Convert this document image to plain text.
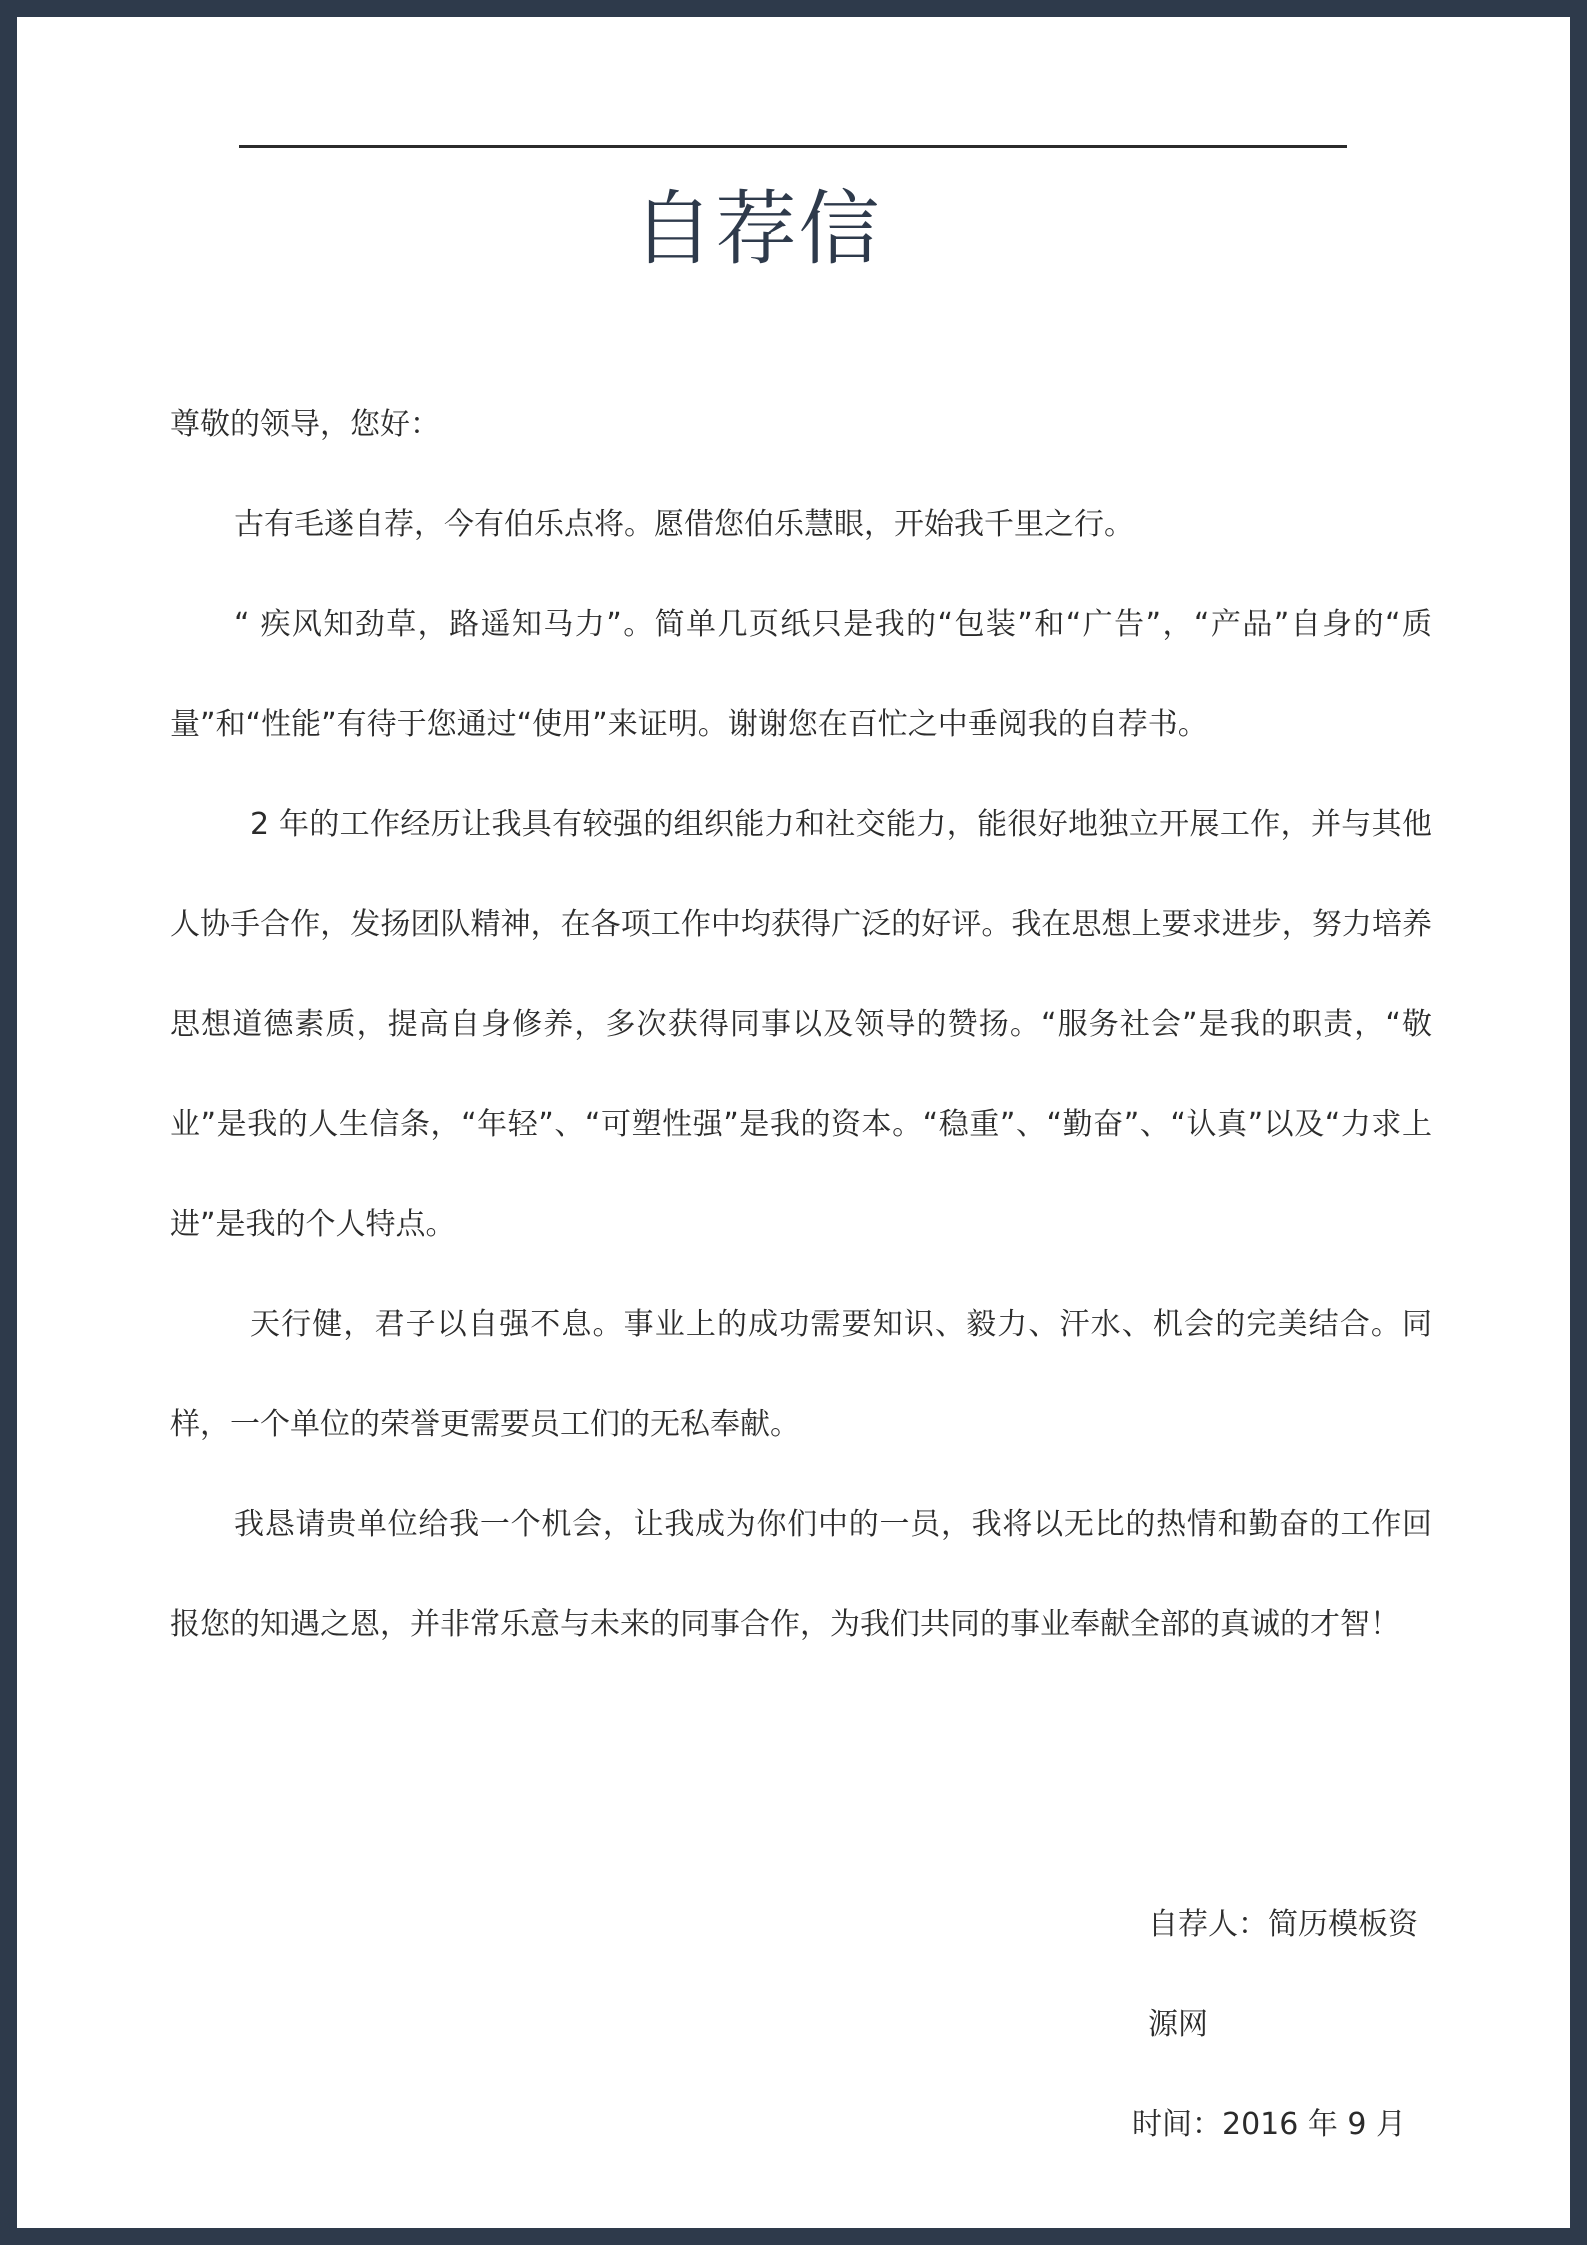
自荐信

尊敬的领导，您好：

古有毛遂自荐，今有伯乐点将。愿借您伯乐慧眼，开始我千里之行。

“ 疾风知劲草，路遥知马力”。简单几页纸只是我的“包装”和“广告”，“产品”自身的“质量”和“性能”有待于您通过“使用”来证明。谢谢您在百忙之中垂阅我的自荐书。

2 年的工作经历让我具有较强的组织能力和社交能力，能很好地独立开展工作，并与其他人协手合作，发扬团队精神，在各项工作中均获得广泛的好评。我在思想上要求进步，努力培养思想道德素质，提高自身修养，多次获得同事以及领导的赞扬。“服务社会”是我的职责，“敬业”是我的人生信条，“年轻”、“可塑性强”是我的资本。“稳重”、“勤奋”、“认真”以及“力求上进”是我的个人特点。

天行健，君子以自强不息。事业上的成功需要知识、毅力、汗水、机会的完美结合。同样，一个单位的荣誉更需要员工们的无私奉献。

我恳请贵单位给我一个机会，让我成为你们中的一员，我将以无比的热情和勤奋的工作回报您的知遇之恩，并非常乐意与未来的同事合作，为我们共同的事业奉献全部的真诚的才智！

自荐人：简历模板资源网

时间：2016 年 9 月
